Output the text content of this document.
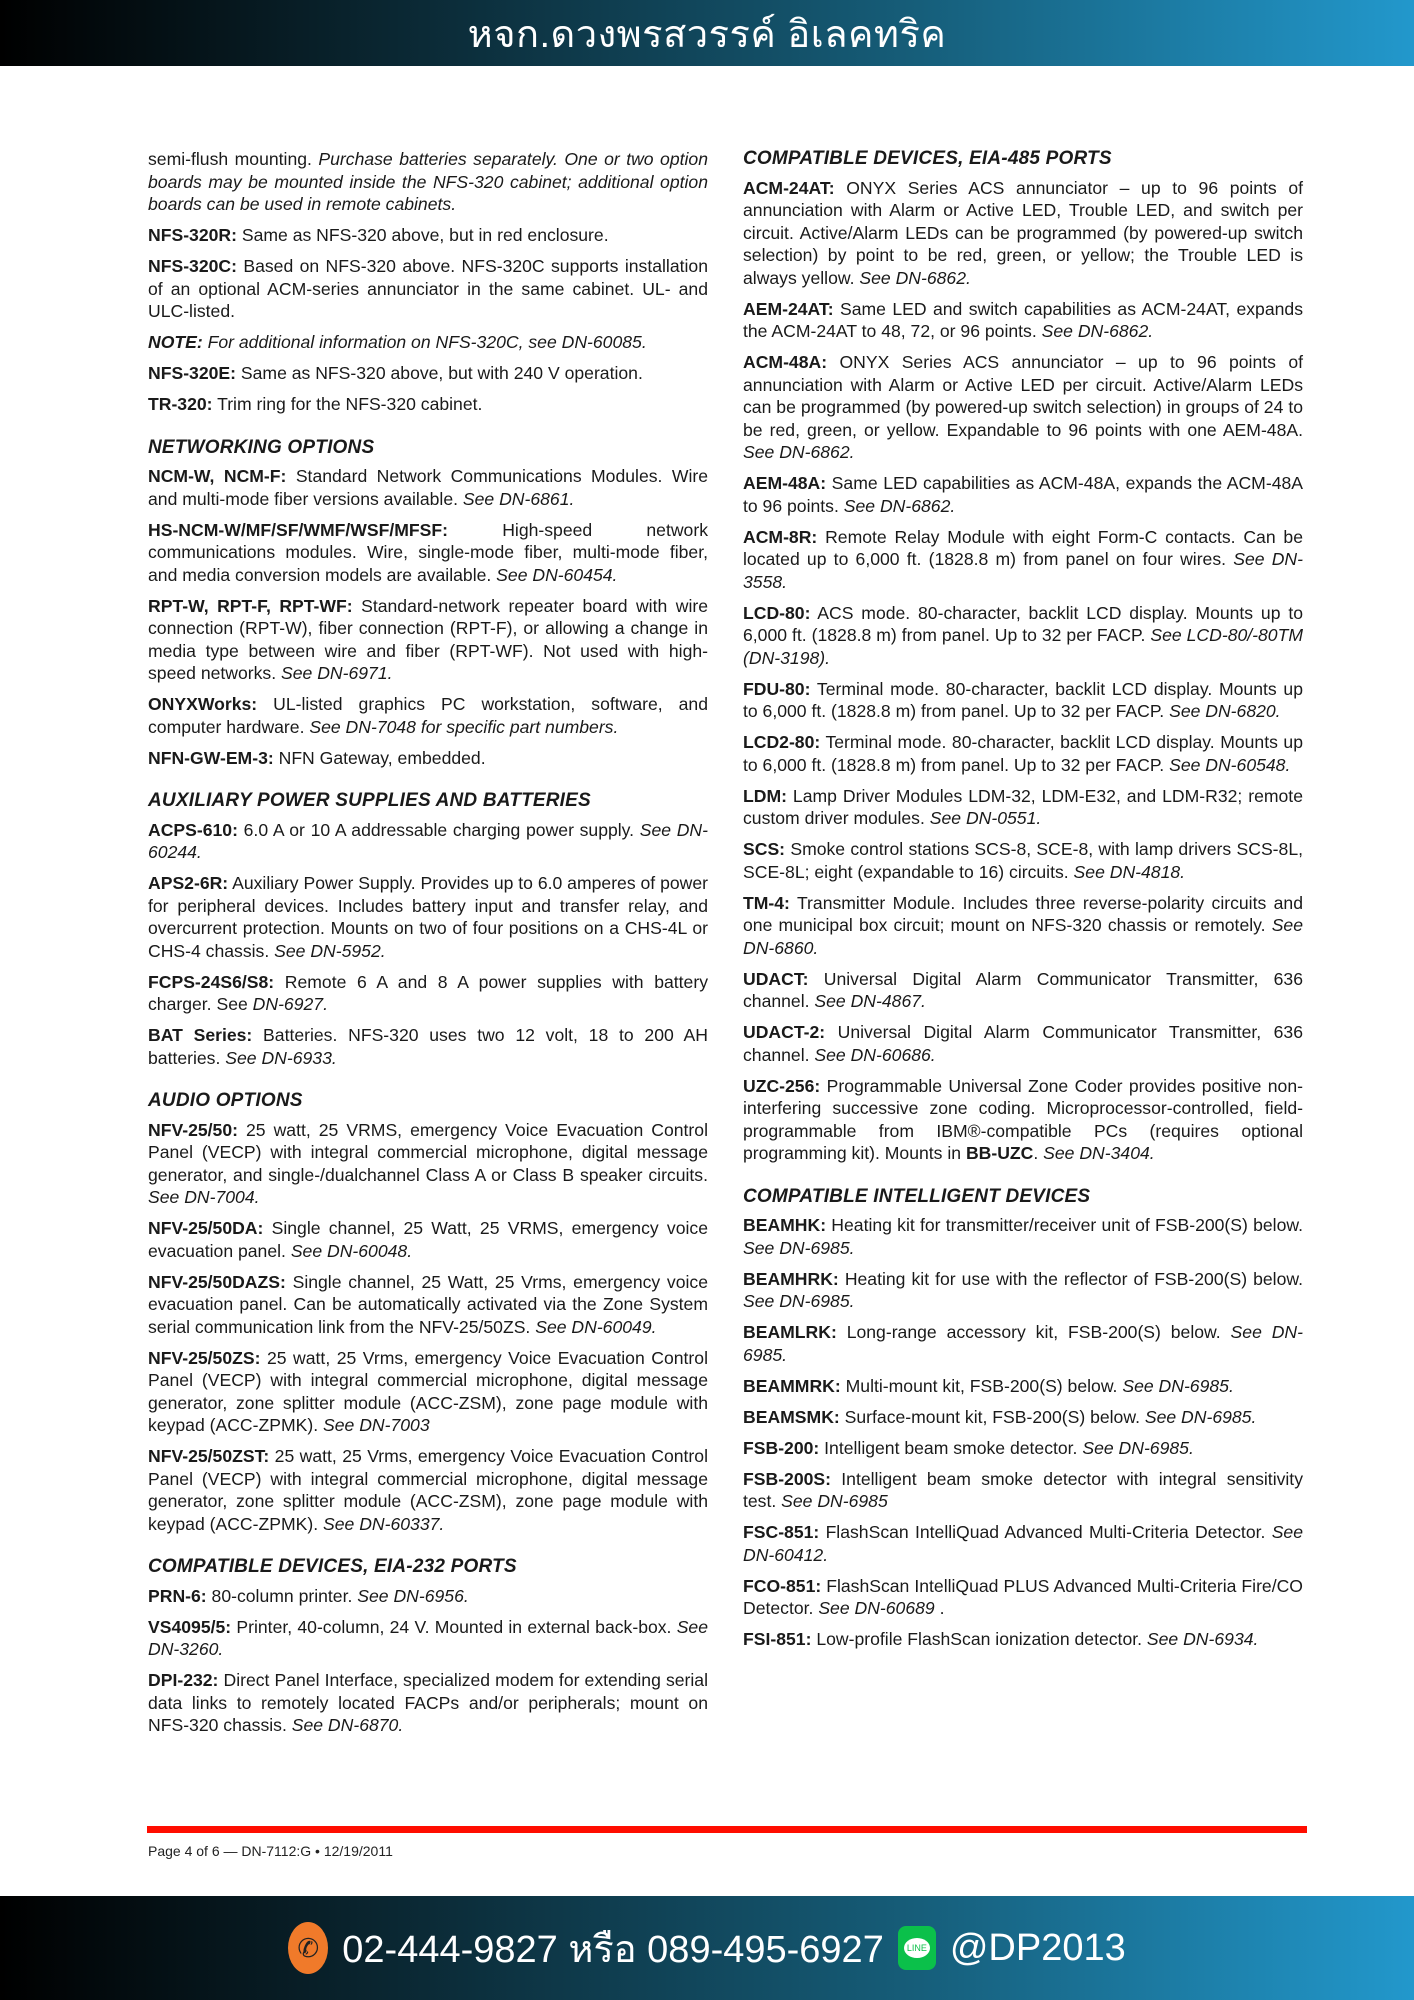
หจก.ดวงพรสวรรค์ อิเลคทริค

semi-flush mounting. Purchase batteries separately. One or two option boards may be mounted inside the NFS-320 cabinet; additional option boards can be used in remote cabinets.

NFS-320R: Same as NFS-320 above, but in red enclosure.

NFS-320C: Based on NFS-320 above. NFS-320C supports installation of an optional ACM-series annunciator in the same cabinet. UL- and ULC-listed.

NOTE: For additional information on NFS-320C, see DN-60085.

NFS-320E: Same as NFS-320 above, but with 240 V operation.

TR-320: Trim ring for the NFS-320 cabinet.

NETWORKING OPTIONS

NCM-W, NCM-F: Standard Network Communications Modules. Wire and multi-mode fiber versions available. See DN-6861.

HS-NCM-W/MF/SF/WMF/WSF/MFSF: High-speed network communications modules. Wire, single-mode fiber, multi-mode fiber, and media conversion models are available. See DN-60454.

RPT-W, RPT-F, RPT-WF: Standard-network repeater board with wire connection (RPT-W), fiber connection (RPT-F), or allowing a change in media type between wire and fiber (RPT-WF). Not used with high-speed networks. See DN-6971.

ONYXWorks: UL-listed graphics PC workstation, software, and computer hardware. See DN-7048 for specific part numbers.

NFN-GW-EM-3: NFN Gateway, embedded.

AUXILIARY POWER SUPPLIES AND BATTERIES

ACPS-610: 6.0 A or 10 A addressable charging power supply. See DN-60244.

APS2-6R: Auxiliary Power Supply. Provides up to 6.0 amperes of power for peripheral devices. Includes battery input and transfer relay, and overcurrent protection. Mounts on two of four positions on a CHS-4L or CHS-4 chassis. See DN-5952.

FCPS-24S6/S8: Remote 6 A and 8 A power supplies with battery charger. See DN-6927.

BAT Series: Batteries. NFS-320 uses two 12 volt, 18 to 200 AH batteries. See DN-6933.

AUDIO OPTIONS

NFV-25/50: 25 watt, 25 VRMS, emergency Voice Evacuation Control Panel (VECP) with integral commercial microphone, digital message generator, and single-/dualchannel Class A or Class B speaker circuits. See DN-7004.

NFV-25/50DA: Single channel, 25 Watt, 25 VRMS, emergency voice evacuation panel. See DN-60048.

NFV-25/50DAZS: Single channel, 25 Watt, 25 Vrms, emergency voice evacuation panel. Can be automatically activated via the Zone System serial communication link from the NFV-25/50ZS. See DN-60049.

NFV-25/50ZS: 25 watt, 25 Vrms, emergency Voice Evacuation Control Panel (VECP) with integral commercial microphone, digital message generator, zone splitter module (ACC-ZSM), zone page module with keypad (ACC-ZPMK). See DN-7003

NFV-25/50ZST: 25 watt, 25 Vrms, emergency Voice Evacuation Control Panel (VECP) with integral commercial microphone, digital message generator, zone splitter module (ACC-ZSM), zone page module with keypad (ACC-ZPMK). See DN-60337.

COMPATIBLE DEVICES, EIA-232 PORTS

PRN-6: 80-column printer. See DN-6956.

VS4095/5: Printer, 40-column, 24 V. Mounted in external back-box. See DN-3260.

DPI-232: Direct Panel Interface, specialized modem for extending serial data links to remotely located FACPs and/or peripherals; mount on NFS-320 chassis. See DN-6870.

COMPATIBLE DEVICES, EIA-485 PORTS

ACM-24AT: ONYX Series ACS annunciator – up to 96 points of annunciation with Alarm or Active LED, Trouble LED, and switch per circuit. Active/Alarm LEDs can be programmed (by powered-up switch selection) by point to be red, green, or yellow; the Trouble LED is always yellow. See DN-6862.

AEM-24AT: Same LED and switch capabilities as ACM-24AT, expands the ACM-24AT to 48, 72, or 96 points. See DN-6862.

ACM-48A: ONYX Series ACS annunciator – up to 96 points of annunciation with Alarm or Active LED per circuit. Active/Alarm LEDs can be programmed (by powered-up switch selection) in groups of 24 to be red, green, or yellow. Expandable to 96 points with one AEM-48A. See DN-6862.

AEM-48A: Same LED capabilities as ACM-48A, expands the ACM-48A to 96 points. See DN-6862.

ACM-8R: Remote Relay Module with eight Form-C contacts. Can be located up to 6,000 ft. (1828.8 m) from panel on four wires. See DN-3558.

LCD-80: ACS mode. 80-character, backlit LCD display. Mounts up to 6,000 ft. (1828.8 m) from panel. Up to 32 per FACP. See LCD-80/-80TM (DN-3198).

FDU-80: Terminal mode. 80-character, backlit LCD display. Mounts up to 6,000 ft. (1828.8 m) from panel. Up to 32 per FACP. See DN-6820.

LCD2-80: Terminal mode. 80-character, backlit LCD display. Mounts up to 6,000 ft. (1828.8 m) from panel. Up to 32 per FACP. See DN-60548.

LDM: Lamp Driver Modules LDM-32, LDM-E32, and LDM-R32; remote custom driver modules. See DN-0551.

SCS: Smoke control stations SCS-8, SCE-8, with lamp drivers SCS-8L, SCE-8L; eight (expandable to 16) circuits. See DN-4818.

TM-4: Transmitter Module. Includes three reverse-polarity circuits and one municipal box circuit; mount on NFS-320 chassis or remotely. See DN-6860.

UDACT: Universal Digital Alarm Communicator Transmitter, 636 channel. See DN-4867.

UDACT-2: Universal Digital Alarm Communicator Transmitter, 636 channel. See DN-60686.

UZC-256: Programmable Universal Zone Coder provides positive non-interfering successive zone coding. Microprocessor-controlled, field-programmable from IBM®-compatible PCs (requires optional programming kit). Mounts in BB-UZC. See DN-3404.

COMPATIBLE INTELLIGENT DEVICES

BEAMHK: Heating kit for transmitter/receiver unit of FSB-200(S) below. See DN-6985.

BEAMHRK: Heating kit for use with the reflector of FSB-200(S) below. See DN-6985.

BEAMLRK: Long-range accessory kit, FSB-200(S) below. See DN-6985.

BEAMMRK: Multi-mount kit, FSB-200(S) below. See DN-6985.

BEAMSMK: Surface-mount kit, FSB-200(S) below. See DN-6985.

FSB-200: Intelligent beam smoke detector. See DN-6985.

FSB-200S: Intelligent beam smoke detector with integral sensitivity test. See DN-6985

FSC-851: FlashScan IntelliQuad Advanced Multi-Criteria Detector. See DN-60412.

FCO-851: FlashScan IntelliQuad PLUS Advanced Multi-Criteria Fire/CO Detector. See DN-60689 .

FSI-851: Low-profile FlashScan ionization detector. See DN-6934.

Page 4 of 6 — DN-7112:G • 12/19/2011
✆ 02-444-9827 หรือ 089-495-6927	LINE @DP2013
